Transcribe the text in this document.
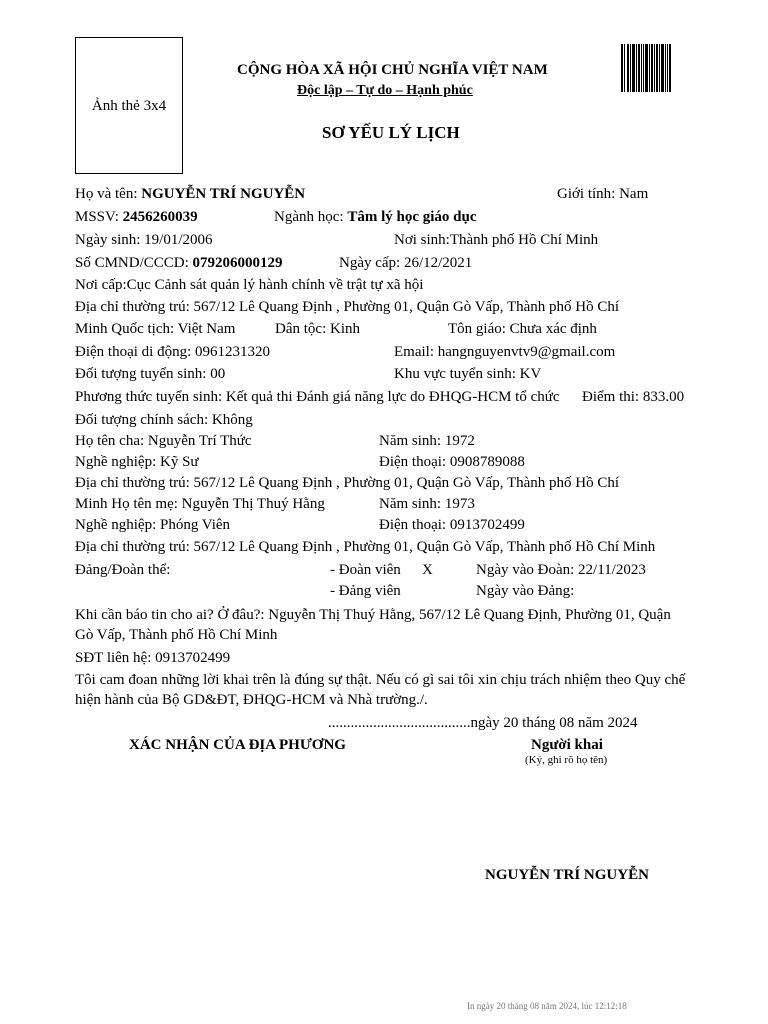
Ảnh thẻ 3x4
CỘNG HÒA XÃ HỘI CHỦ NGHĨA VIỆT NAM
Độc lập – Tự do – Hạnh phúc
SƠ YẾU LÝ LỊCH
Họ và tên: NGUYỄN TRÍ NGUYỄN	Giới tính: Nam
MSSV: 2456260039	Ngành học: Tâm lý học giáo dục
Ngày sinh: 19/01/2006	Nơi sinh:Thành phố Hồ Chí Minh
Số CMND/CCCD: 079206000129	Ngày cấp: 26/12/2021
Nơi cấp:Cục Cảnh sát quản lý hành chính về trật tự xã hội
Địa chỉ thường trú: 567/12 Lê Quang Định , Phường 01, Quận Gò Vấp, Thành phố Hồ Chí
Minh Quốc tịch: Việt Nam	Dân tộc: Kinh	Tôn giáo: Chưa xác định
Điện thoại di động: 0961231320	Email: hangnguyenvtv9@gmail.com
Đối tượng tuyển sinh: 00	Khu vực tuyển sinh: KV
Phương thức tuyển sinh: Kết quả thi Đánh giá năng lực do ĐHQG-HCM tổ chức Điểm thi: 833.00
Đối tượng chính sách: Không
Họ tên cha: Nguyễn Trí Thức	Năm sinh: 1972
Nghề nghiệp: Kỹ Sư	Điện thoại: 0908789088
Địa chỉ thường trú: 567/12 Lê Quang Định , Phường 01, Quận Gò Vấp, Thành phố Hồ Chí
Minh Họ tên mẹ: Nguyễn Thị Thuý Hằng	Năm sinh: 1973
Nghề nghiệp: Phóng Viên	Điện thoại: 0913702499
Địa chỉ thường trú: 567/12 Lê Quang Định , Phường 01, Quận Gò Vấp, Thành phố Hồ Chí Minh
Đảng/Đoàn thể:	- Đoàn viên X	Ngày vào Đoàn: 22/11/2023
- Đảng viên	Ngày vào Đảng:
Khi cần báo tin cho ai? Ở đâu?: Nguyễn Thị Thuý Hằng, 567/12 Lê Quang Định, Phường 01, Quận
Gò Vấp, Thành phố Hồ Chí Minh
SĐT liên hệ: 0913702499
Tôi cam đoan những lời khai trên là đúng sự thật. Nếu có gì sai tôi xin chịu trách nhiệm theo Quy chế
hiện hành của Bộ GD&ĐT, ĐHQG-HCM và Nhà trường./.
......................................ngày 20 tháng 08 năm 2024
XÁC NHẬN CỦA ĐỊA PHƯƠNG	Người khai
(Ký, ghi rõ họ tên)
NGUYỄN TRÍ NGUYỄN
In ngày 20 tháng 08 năm 2024, lúc 12:12:18
